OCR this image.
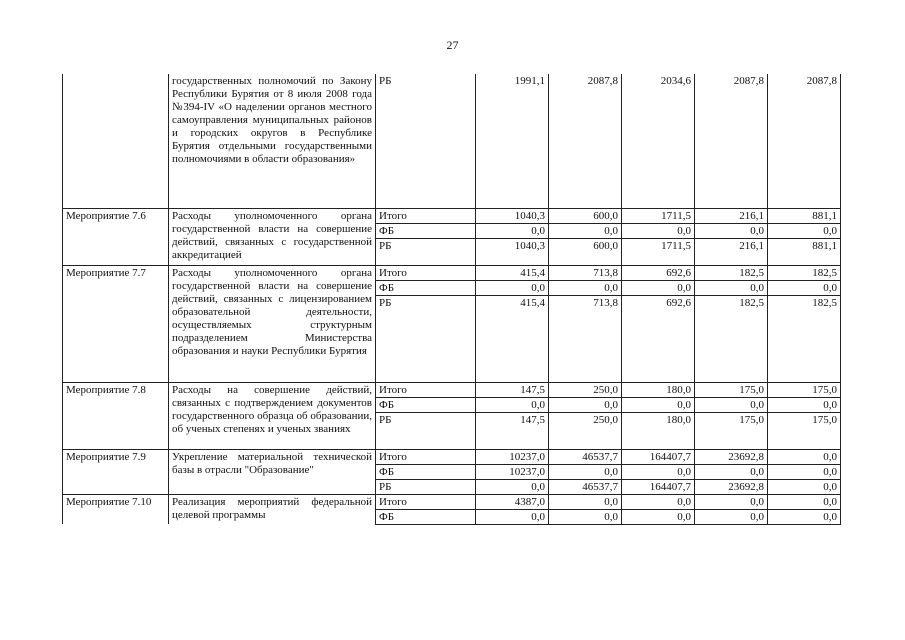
27
	государственных полномочий по Закону Республики Бурятия от 8 июля 2008 года №394-IV «О наделении органов местного самоуправления муниципальных районов и городских округов в Республике Бурятия отдельными государственными полномочиями в области образования»	РБ	1991,1	2087,8	2034,6	2087,8	2087,8
Мероприятие 7.6	Расходы уполномоченного органа государственной власти на совершение действий, связанных с государственной аккредитацией	Итого	1040,3	600,0	1711,5	216,1	881,1
		ФБ	0,0	0,0	0,0	0,0	0,0
		РБ	1040,3	600,0	1711,5	216,1	881,1
Мероприятие 7.7	Расходы уполномоченного органа государственной власти на совершение действий, связанных с лицензированием образовательной деятельности, осуществляемых структурным подразделением Министерства образования и науки Республики Бурятия	Итого	415,4	713,8	692,6	182,5	182,5
		ФБ	0,0	0,0	0,0	0,0	0,0
		РБ	415,4	713,8	692,6	182,5	182,5
Мероприятие 7.8	Расходы на совершение действий, связанных с подтверждением документов государственного образца об образовании, об ученых степенях и ученых званиях	Итого	147,5	250,0	180,0	175,0	175,0
		ФБ	0,0	0,0	0,0	0,0	0,0
		РБ	147,5	250,0	180,0	175,0	175,0
Мероприятие 7.9	Укрепление материальной технической базы в отрасли "Образование"	Итого	10237,0	46537,7	164407,7	23692,8	0,0
		ФБ	10237,0	0,0	0,0	0,0	0,0
		РБ	0,0	46537,7	164407,7	23692,8	0,0
Мероприятие 7.10	Реализация мероприятий федеральной целевой программы	Итого	4387,0	0,0	0,0	0,0	0,0
		ФБ	0,0	0,0	0,0	0,0	0,0
